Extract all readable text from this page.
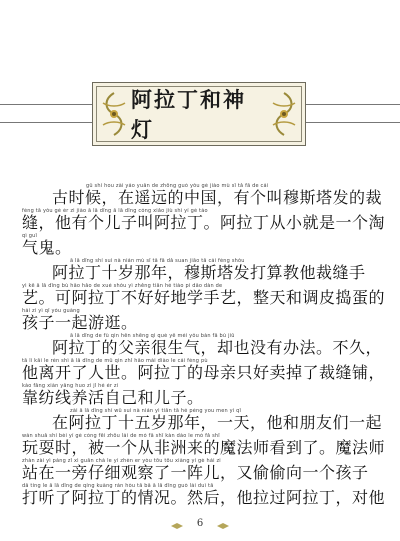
阿拉丁和神灯
gǔ shí hou zài yáo yuǎn de zhōng guó yǒu gè jiào mù sī tǎ fā de cái
古时候，在遥远的中国，有个叫穆斯塔发的裁
féng tā yǒu gè ér zi jiào ā lā dīng ā lā dīng cóng xiǎo jiù shì yí gè táo
缝，他有个儿子叫阿拉丁。阿拉丁从小就是一个淘
qì guǐ
气鬼。
ā lā dīng shí suì nà nián mù sī tǎ fā dǎ suan jiāo tā cái féng shǒu
阿拉丁十岁那年，穆斯塔发打算教他裁缝手
yì kě ā lā dīng bù hǎo hǎo de xué shǒu yì zhěng tiān hé tiáo pí dǎo dàn de
艺。可阿拉丁不好好地学手艺，整天和调皮捣蛋的
hái zi yì qǐ yóu guàng
孩子一起游逛。
ā lā dīng de fù qin hěn shēng qì què yě méi yǒu bàn fǎ bù jiǔ
阿拉丁的父亲很生气，却也没有办法。不久，
tā lí kāi le rén shì ā lā dīng de mǔ qin zhǐ hǎo mài diào le cái féng pù
他离开了人世。阿拉丁的母亲只好卖掉了裁缝铺，
kào fǎng xiàn yǎng huo zì jǐ hé ér zi
靠纺线养活自己和儿子。
zài ā lā dīng shí wǔ suì nà nián yì tiān tā hé péng you men yì qǐ
在阿拉丁十五岁那年，一天，他和朋友们一起
wán shuǎ shí bèi yí gè cóng fēi zhōu lái de mó fǎ shī kàn dào le mó fǎ shī
玩耍时，被一个从非洲来的魔法师看到了。魔法师
zhàn zài yì páng zǐ xì guān chá le yí zhèn er yòu tōu tōu xiàng yí gè hái zi
站在一旁仔细观察了一阵儿，又偷偷向一个孩子
dǎ ting le ā lā dīng de qíng kuàng rán hòu tā bǎ ā lā dīng guò lái duì tā
打听了阿拉丁的情况。然后，他拉过阿拉丁，对他
6
